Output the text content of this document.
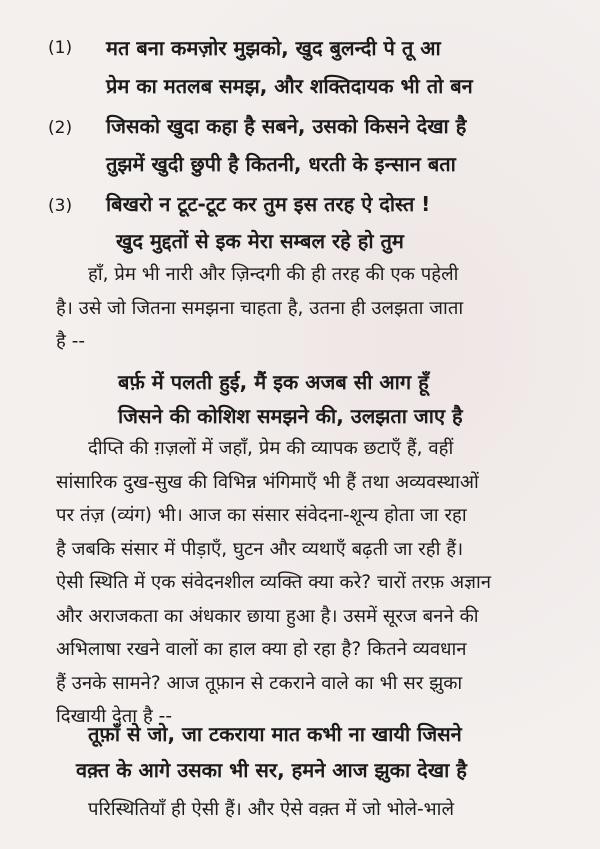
(1) मत बना कमज़ोर मुझको, खुद बुलन्दी पे तू आ
प्रेम का मतलब समझ, और शक्तिदायक भी तो बन
(2) जिसको खुदा कहा है सबने, उसको किसने देखा है
तुझमें खुदी छुपी है कितनी, धरती के इन्सान बता
(3) बिखरो न टूट-टूट कर तुम इस तरह ऐ दोस्त !
खुद मुद्दतों से इक मेरा सम्बल रहे हो तुम
हाँ, प्रेम भी नारी और ज़िन्दगी की ही तरह की एक पहेली
है। उसे जो जितना समझना चाहता है, उतना ही उलझता जाता
है --
बर्फ़ में पलती हुई, मैं इक अजब सी आग हूँ
जिसने की कोशिश समझने की, उलझता जाए है
दीप्ति की ग़ज़लों में जहाँ, प्रेम की व्यापक छटाएँ हैं, वहीं
सांसारिक दुख-सुख की विभिन्न भंगिमाएँ भी हैं तथा अव्यवस्थाओं
पर तंज़ (व्यंग) भी। आज का संसार संवेदना-शून्य होता जा रहा
है जबकि संसार में पीड़ाएँ, घुटन और व्यथाएँ बढ़ती जा रही हैं।
ऐसी स्थिति में एक संवेदनशील व्यक्ति क्या करे? चारों तरफ़ अज्ञान
और अराजकता का अंधकार छाया हुआ है। उसमें सूरज बनने की
अभिलाषा रखने वालों का हाल क्या हो रहा है? कितने व्यवधान
हैं उनके सामने? आज तूफ़ान से टकराने वाले का भी सर झुका
दिखायी देता है --
तूफ़ाँ से जो, जा टकराया मात कभी ना खायी जिसने
वक़्त के आगे उसका भी सर, हमने आज झुका देखा है
परिस्थितियाँ ही ऐसी हैं। और ऐसे वक़्त में जो भोले-भाले
